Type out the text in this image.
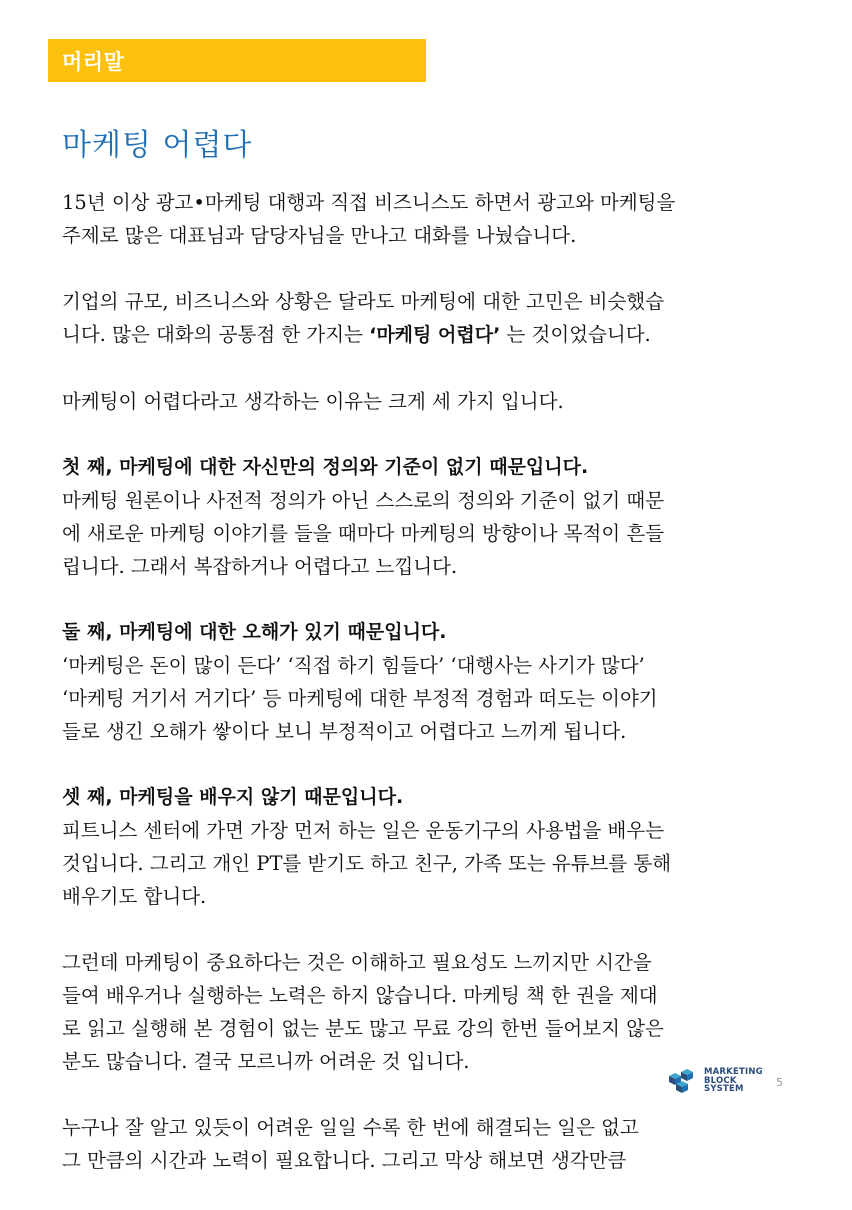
머리말
마케팅 어렵다

15년 이상 광고•마케팅 대행과 직접 비즈니스도 하면서 광고와 마케팅을
주제로 많은 대표님과 담당자님을 만나고 대화를 나눴습니다.

기업의 규모, 비즈니스와 상황은 달라도 마케팅에 대한 고민은 비슷했습
니다. 많은 대화의 공통점 한 가지는 ‘마케팅 어렵다’ 는 것이었습니다.

마케팅이 어렵다라고 생각하는 이유는 크게 세 가지 입니다.

첫 째, 마케팅에 대한 자신만의 정의와 기준이 없기 때문입니다.
마케팅 원론이나 사전적 정의가 아닌 스스로의 정의와 기준이 없기 때문
에 새로운 마케팅 이야기를 들을 때마다 마케팅의 방향이나 목적이 흔들
립니다. 그래서 복잡하거나 어렵다고 느낍니다.

둘 째, 마케팅에 대한 오해가 있기 때문입니다.
‘마케팅은 돈이 많이 든다’ ‘직접 하기 힘들다’ ‘대행사는 사기가 많다’
‘마케팅 거기서 거기다’ 등 마케팅에 대한 부정적 경험과 떠도는 이야기
들로 생긴 오해가 쌓이다 보니 부정적이고 어렵다고 느끼게 됩니다.

셋 째, 마케팅을 배우지 않기 때문입니다.
피트니스 센터에 가면 가장 먼저 하는 일은 운동기구의 사용법을 배우는
것입니다. 그리고 개인 PT를 받기도 하고 친구, 가족 또는 유튜브를 통해
배우기도 합니다.

그런데 마케팅이 중요하다는 것은 이해하고 필요성도 느끼지만 시간을
들여 배우거나 실행하는 노력은 하지 않습니다. 마케팅 책 한 권을 제대
로 읽고 실행해 본 경험이 없는 분도 많고 무료 강의 한번 들어보지 않은
분도 많습니다. 결국 모르니까 어려운 것 입니다.

누구나 잘 알고 있듯이 어려운 일일 수록 한 번에 해결되는 일은 없고
그 만큼의 시간과 노력이 필요합니다. 그리고 막상 해보면 생각만큼

MARKETING
BLOCK
SYSTEM
5
